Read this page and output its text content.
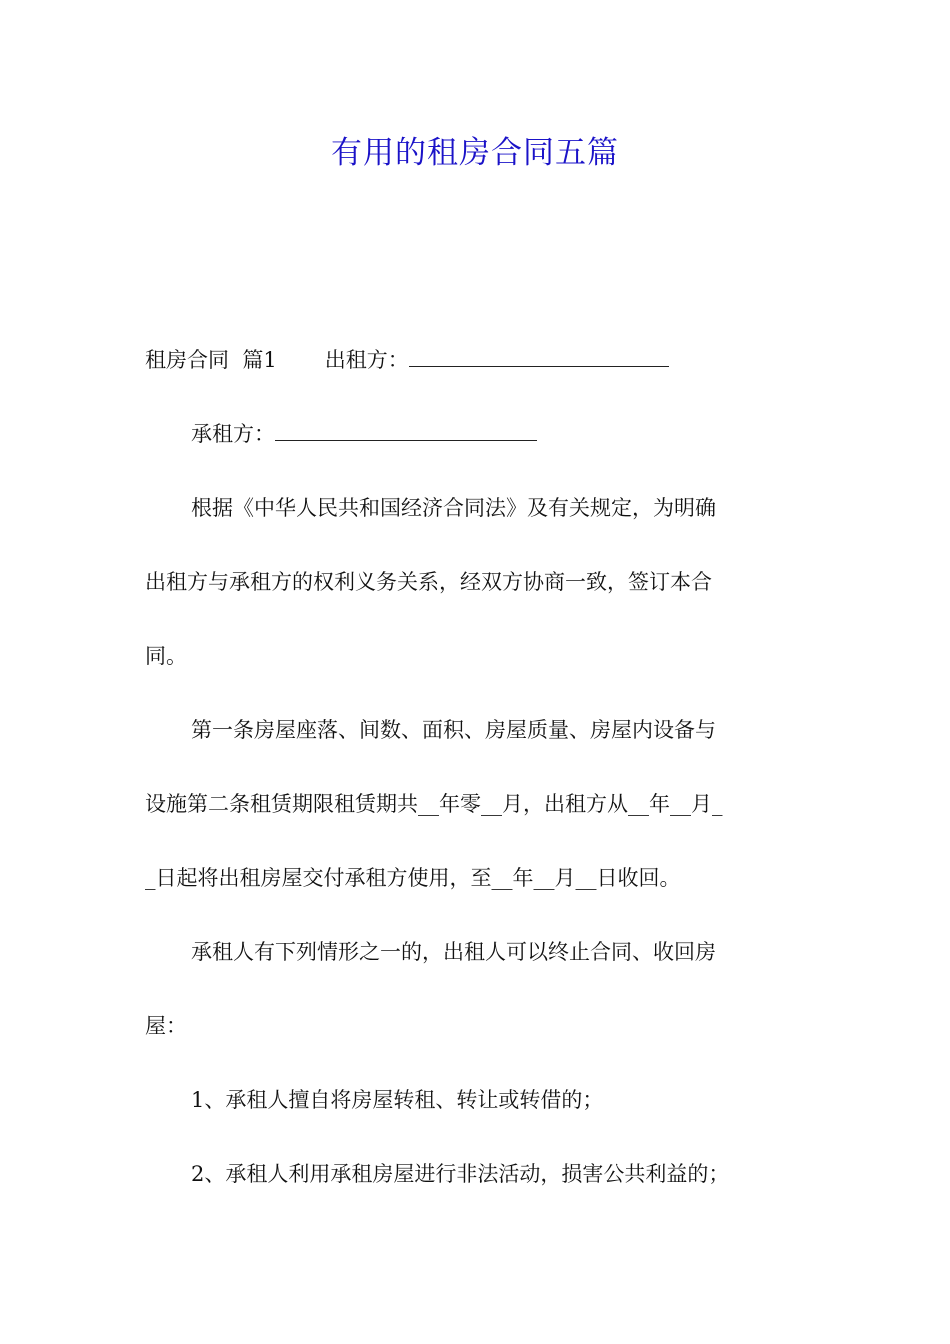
有用的租房合同五篇
租房合同  篇1 出租方：
承租方：
根据《中华人民共和国经济合同法》及有关规定，为明确
出租方与承租方的权利义务关系，经双方协商一致，签订本合
同。
第一条房屋座落、间数、面积、房屋质量、房屋内设备与
设施第二条租赁期限租赁期共__年零__月，出租方从__年__月_
_日起将出租房屋交付承租方使用，至__年__月__日收回。
承租人有下列情形之一的，出租人可以终止合同、收回房
屋：
1、承租人擅自将房屋转租、转让或转借的；
2、承租人利用承租房屋进行非法活动，损害公共利益的；
